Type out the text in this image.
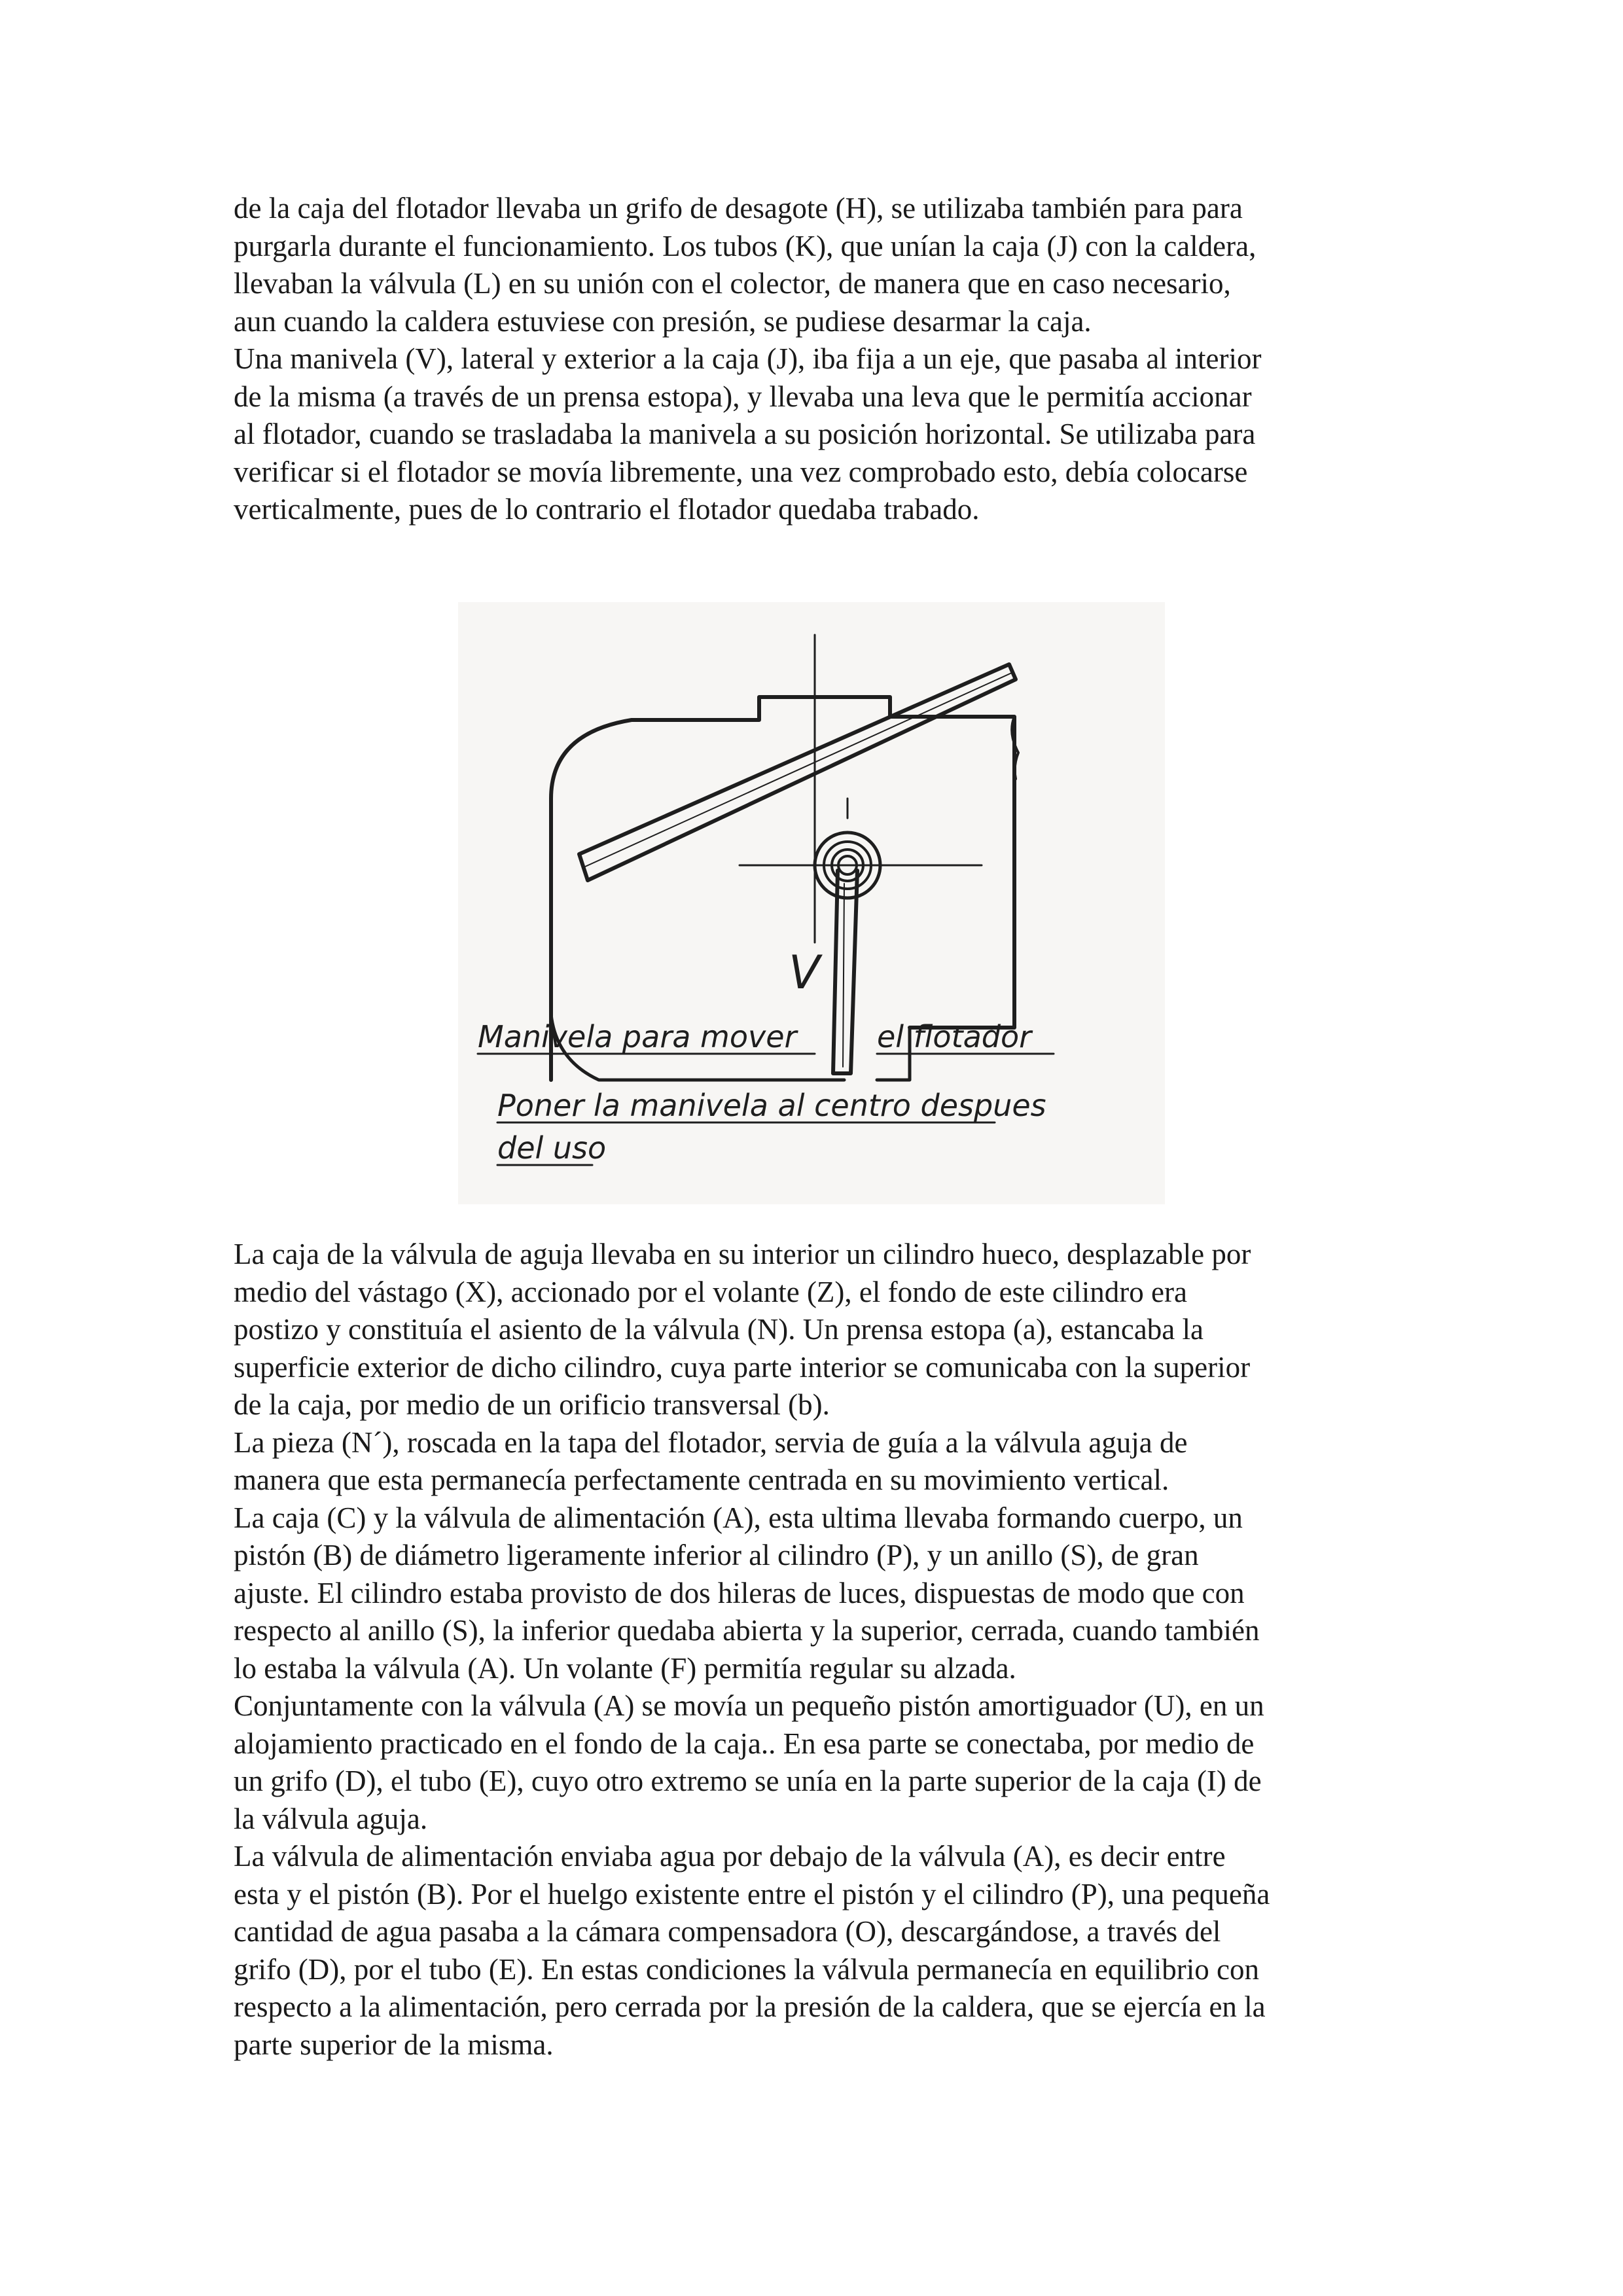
de la caja del flotador llevaba un grifo de desagote (H), se utilizaba también para para

purgarla durante el funcionamiento. Los tubos (K), que unían la caja (J) con la caldera,

llevaban la válvula (L) en su unión con el colector, de manera que en caso necesario,

aun cuando la caldera estuviese con presión, se pudiese desarmar la caja.

Una manivela (V), lateral y exterior a la caja (J), iba fija a un eje, que pasaba al interior

de la misma (a través de un prensa estopa), y llevaba una leva que le permitía accionar

al flotador, cuando se trasladaba la manivela a su posición horizontal. Se utilizaba para

verificar si el flotador se movía libremente, una vez comprobado esto, debía colocarse

verticalmente, pues de lo contrario el flotador quedaba trabado.

V
Manivela para mover	el flotador
Poner la manivela al centro despues
del uso

La caja de la válvula de aguja llevaba en su interior un cilindro hueco, desplazable por

medio del vástago (X), accionado por el volante (Z), el fondo de este cilindro era

postizo y constituía el asiento de la válvula (N). Un prensa estopa (a), estancaba la

superficie exterior de dicho cilindro, cuya parte interior se comunicaba con la superior

de la caja, por medio de un orificio transversal (b).

La pieza (N´), roscada en la tapa del flotador, servia de guía a la válvula aguja de

manera que esta permanecía perfectamente centrada en su movimiento vertical.

La caja (C) y la válvula de alimentación (A), esta ultima llevaba formando cuerpo, un

pistón (B) de diámetro ligeramente inferior al cilindro (P), y un anillo (S), de gran

ajuste. El cilindro estaba provisto de dos hileras de luces, dispuestas de modo que con

respecto al anillo (S), la inferior quedaba abierta y la superior, cerrada, cuando también

lo estaba la válvula (A). Un volante (F) permitía regular su alzada.

Conjuntamente con la válvula (A) se movía un pequeño pistón amortiguador (U), en un

alojamiento practicado en el fondo de la caja.. En esa parte se conectaba, por medio de

un grifo (D), el tubo (E), cuyo otro extremo se unía en la parte superior de la caja (I) de

la válvula aguja.

La válvula de alimentación enviaba agua por debajo de la válvula (A), es decir entre

esta y el pistón (B). Por el huelgo existente entre el pistón y el cilindro (P), una pequeña

cantidad de agua pasaba a la cámara compensadora (O), descargándose, a través del

grifo (D), por el tubo (E). En estas condiciones la válvula permanecía en equilibrio con

respecto a la alimentación, pero cerrada por la presión de la caldera, que se ejercía en la

parte superior de la misma.
